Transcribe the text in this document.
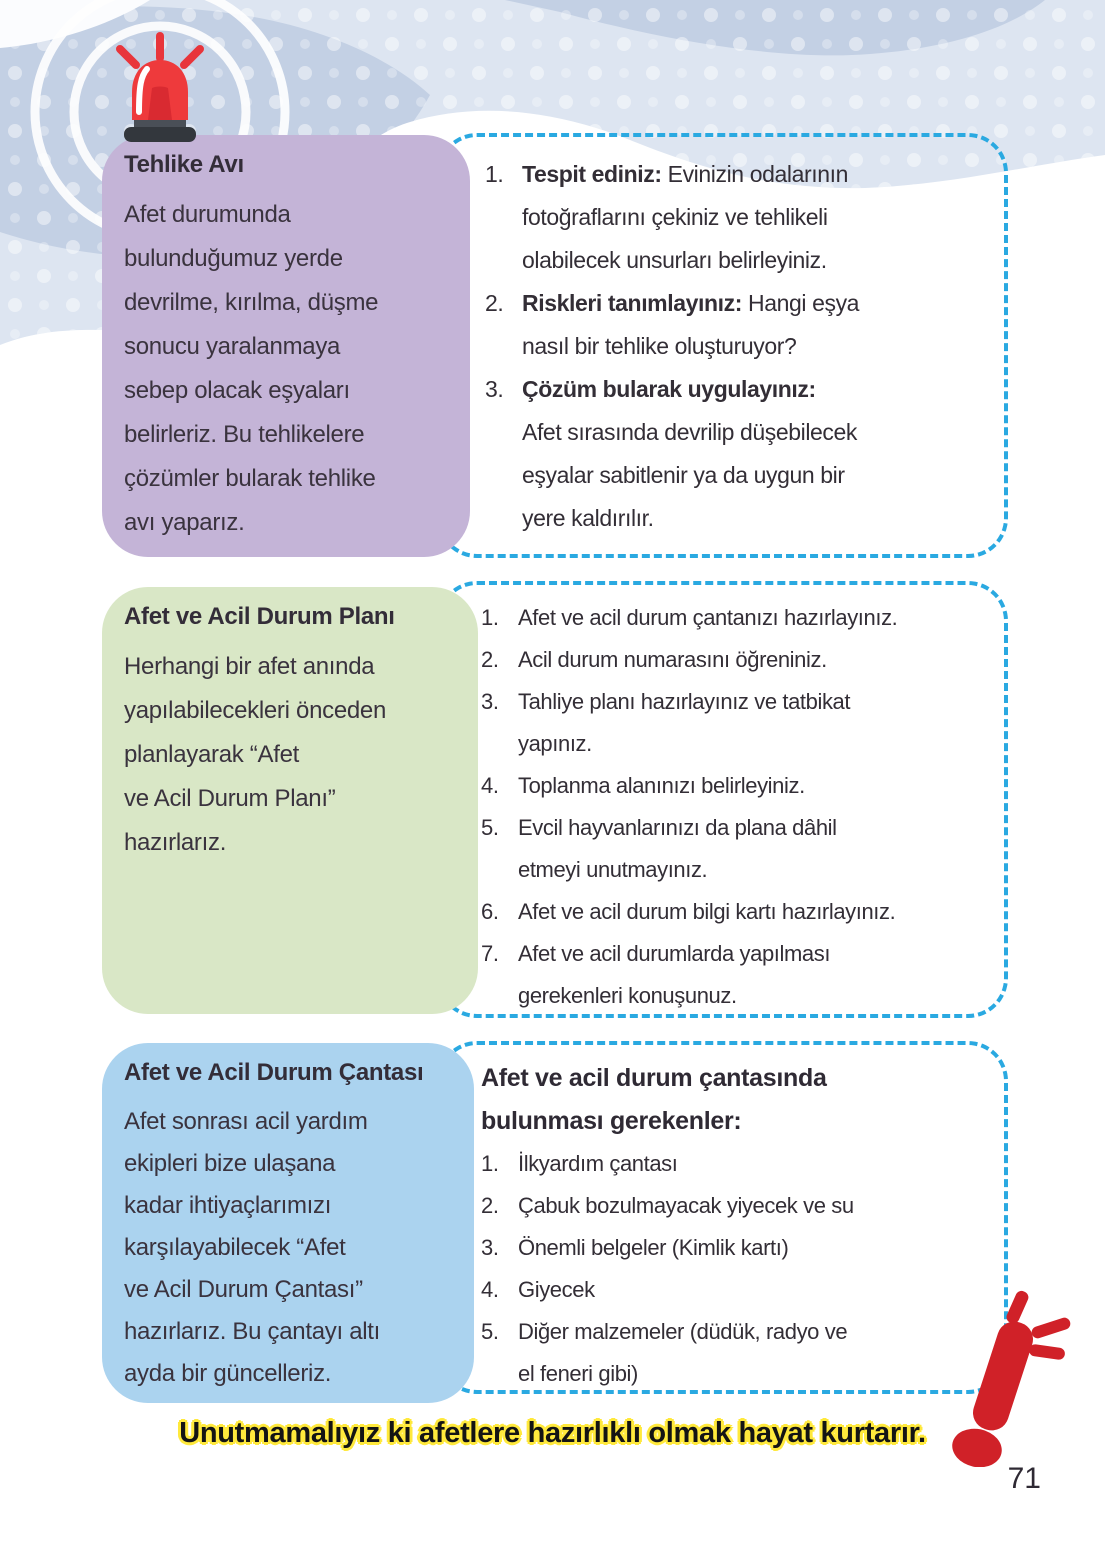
1. Tespit ediniz: Evinizin odalarının
fotoğraflarını çekiniz ve tehlikeli
olabilecek unsurları belirleyiniz.
2. Riskleri tanımlayınız: Hangi eşya
nasıl bir tehlike oluşturuyor?
3. Çözüm bularak uygulayınız:
Afet sırasında devrilip düşebilecek
eşyalar sabitlenir ya da uygun bir
yere kaldırılır.
Tehlike Avı
Afet durumunda
bulunduğumuz yerde
devrilme, kırılma, düşme
sonucu yaralanmaya
sebep olacak eşyaları
belirleriz. Bu tehlikelere
çözümler bularak tehlike
avı yaparız.
1. Afet ve acil durum çantanızı hazırlayınız.
2. Acil durum numarasını öğreniniz.
3. Tahliye planı hazırlayınız ve tatbikat
yapınız.
4. Toplanma alanınızı belirleyiniz.
5. Evcil hayvanlarınızı da plana dâhil
etmeyi unutmayınız.
6. Afet ve acil durum bilgi kartı hazırlayınız.
7. Afet ve acil durumlarda yapılması
gerekenleri konuşunuz.
Afet ve Acil Durum Planı
Herhangi bir afet anında
yapılabilecekleri önceden
planlayarak “Afet
ve Acil Durum Planı”
hazırlarız.
Afet ve acil durum çantasında
bulunması gerekenler:
1. İlkyardım çantası
2. Çabuk bozulmayacak yiyecek ve su
3. Önemli belgeler (Kimlik kartı)
4. Giyecek
5. Diğer malzemeler (düdük, radyo ve
el feneri gibi)
Afet ve Acil Durum Çantası
Afet sonrası acil yardım
ekipleri bize ulaşana
kadar ihtiyaçlarımızı
karşılayabilecek “Afet
ve Acil Durum Çantası”
hazırlarız. Bu çantayı altı
ayda bir güncelleriz.
Unutmamalıyız ki afetlere hazırlıklı olmak hayat kurtarır.
71
